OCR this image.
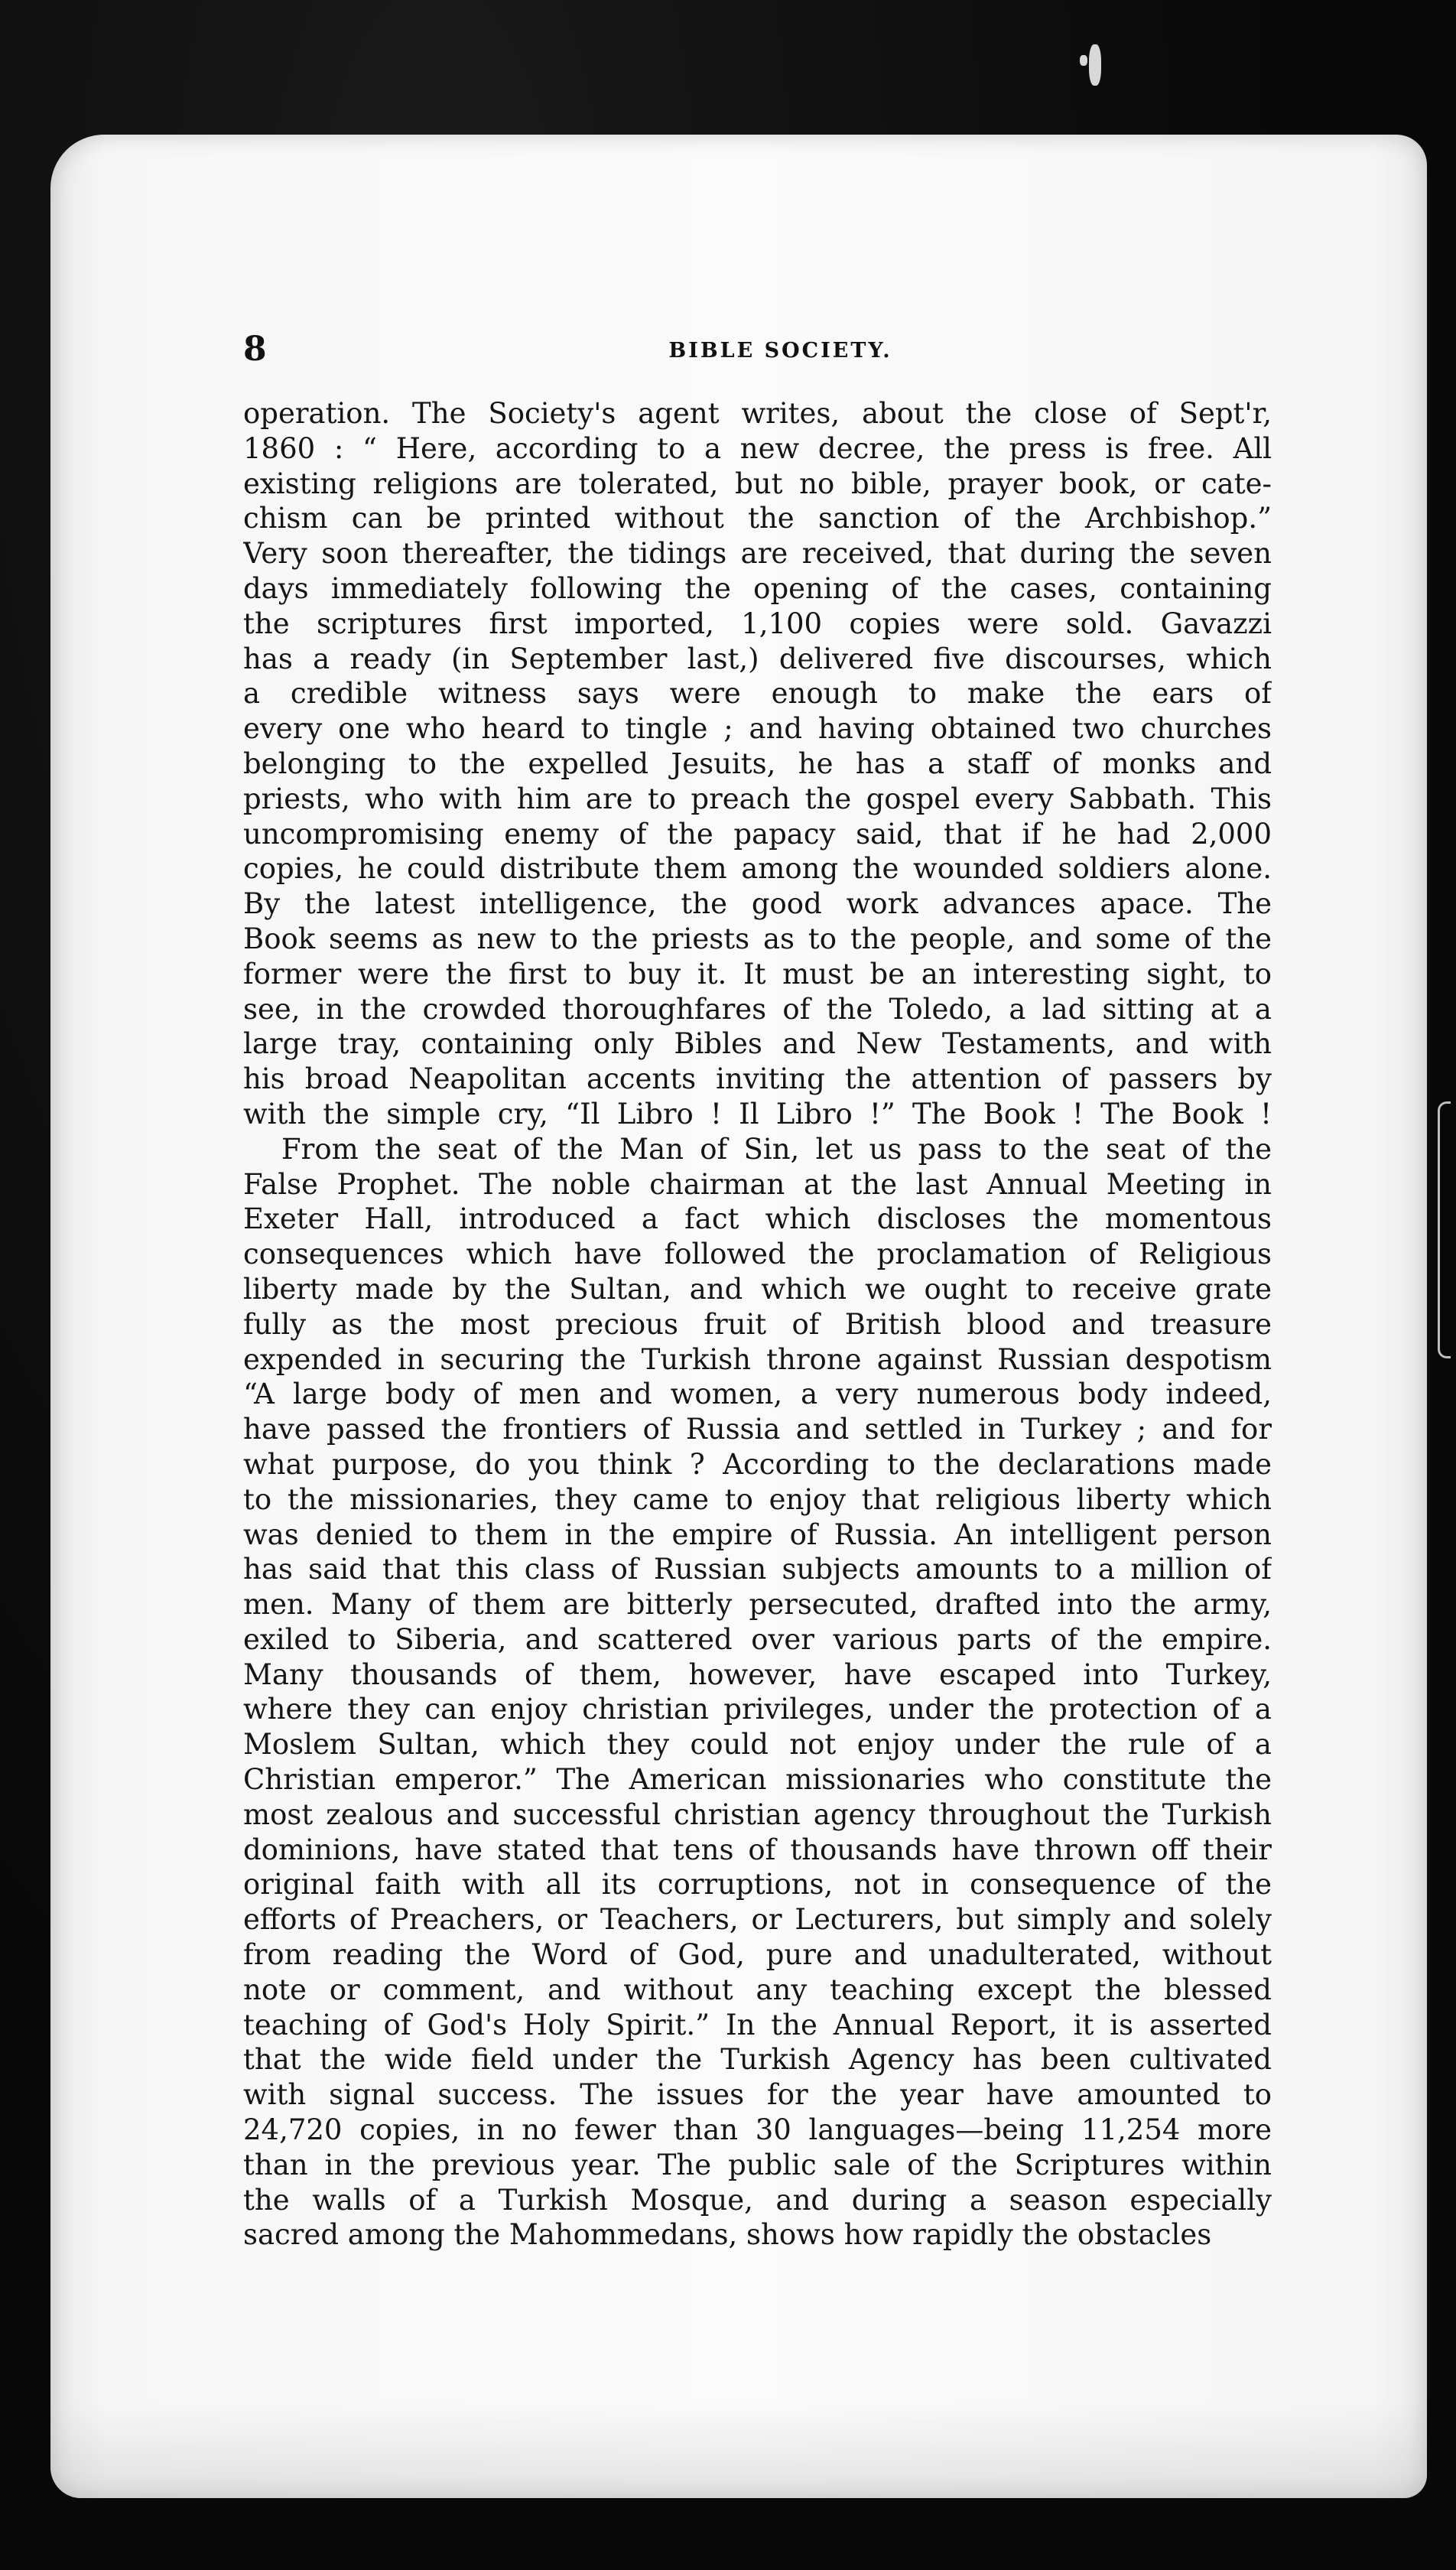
8	BIBLE SOCIETY.
operation. The Society's agent writes, about the close of Sept'r,
1860 : “ Here, according to a new decree, the press is free. All
existing religions are tolerated, but no bible, prayer book, or cate-
chism can be printed without the sanction of the Archbishop.”
Very soon thereafter, the tidings are received, that during the seven
days immediately following the opening of the cases, containing
the scriptures first imported, 1,100 copies were sold. Gavazzi
has a ready (in September last,) delivered five discourses, which
a credible witness says were enough to make the ears of
every one who heard to tingle ; and having obtained two churches
belonging to the expelled Jesuits, he has a staff of monks and
priests, who with him are to preach the gospel every Sabbath. This
uncompromising enemy of the papacy said, that if he had 2,000
copies, he could distribute them among the wounded soldiers alone.
By the latest intelligence, the good work advances apace. The
Book seems as new to the priests as to the people, and some of the
former were the first to buy it. It must be an interesting sight, to
see, in the crowded thoroughfares of the Toledo, a lad sitting at a
large tray, containing only Bibles and New Testaments, and with
his broad Neapolitan accents inviting the attention of passers by
with the simple cry, “Il Libro ! Il Libro !” The Book ! The Book !
From the seat of the Man of Sin, let us pass to the seat of the
False Prophet. The noble chairman at the last Annual Meeting in
Exeter Hall, introduced a fact which discloses the momentous
consequences which have followed the proclamation of Religious
liberty made by the Sultan, and which we ought to receive grate
fully as the most precious fruit of British blood and treasure
expended in securing the Turkish throne against Russian despotism
“A large body of men and women, a very numerous body indeed,
have passed the frontiers of Russia and settled in Turkey ; and for
what purpose, do you think ? According to the declarations made
to the missionaries, they came to enjoy that religious liberty which
was denied to them in the empire of Russia. An intelligent person
has said that this class of Russian subjects amounts to a million of
men. Many of them are bitterly persecuted, drafted into the army,
exiled to Siberia, and scattered over various parts of the empire.
Many thousands of them, however, have escaped into Turkey,
where they can enjoy christian privileges, under the protection of a
Moslem Sultan, which they could not enjoy under the rule of a
Christian emperor.” The American missionaries who constitute the
most zealous and successful christian agency throughout the Turkish
dominions, have stated that tens of thousands have thrown off their
original faith with all its corruptions, not in consequence of the
efforts of Preachers, or Teachers, or Lecturers, but simply and solely
from reading the Word of God, pure and unadulterated, without
note or comment, and without any teaching except the blessed
teaching of God's Holy Spirit.” In the Annual Report, it is asserted
that the wide field under the Turkish Agency has been cultivated
with signal success. The issues for the year have amounted to
24,720 copies, in no fewer than 30 languages—being 11,254 more
than in the previous year. The public sale of the Scriptures within
the walls of a Turkish Mosque, and during a season especially
sacred among the Mahommedans, shows how rapidly the obstacles
